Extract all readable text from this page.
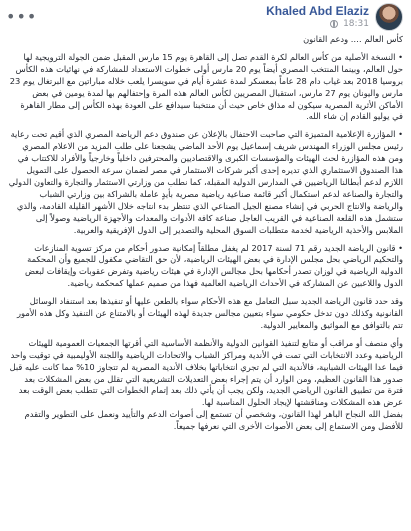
•••	Khaled Abd Elaziz
18:31

كأس العالم …. ودعم القانون

• النسخة الأصلية من كأس العالم لكرة القدم تصل إلى القاهرة يوم 15 مارس المقبل ضمن الجولة الترويجية لها حول العالم، وبينما المنتخب المصري أيضاً يوم 20 مارس أولى خطوات الاستعداد للمشاركة في نهائيات هذه الكأس بروسيا 2018 بعد غياب دام 28 عاماً بمعسكر لمدة عشرة أيام في سويسرا يلعب خلاله مباراتين مع البرتغال يوم 23 مارس واليونان يوم 27 مارس، استقبال المصريين لكأس العالم هذه المرة وإحتفالهم بها لمدة يومين في بعض الأماكن الأثرية المصرية سيكون له مذاق خاص حيث أن منتخبنا سيدافع على العودة بهذه الكأس إلى مطار القاهرة في يوليو القادم إن شاء الله.

• المؤازرة الإعلامية المتميزة التي صاحبت الاحتفال بالإعلان عن صندوق دعم الرياضة المصري الذي أقيم تحت رعاية رئيس مجلس الوزراء المهندس شريف إسماعيل يوم الأحد الماضي يشجعنا على طلب المزيد من الاعلام المصري ومن هذه المؤازرة لحث الهيئات والمؤسسات الكبرى والاقتصاديين والمحترفين داخلياً وخارجياً والأفراد للاكتتاب في هذا الصندوق الاستثماري الذي تديره إحدى أكبر شركات الاستثمار في مصر لضمان سرعة الحصول على التمويل اللازم لدعم أبطالنا الرياضيين في المدارس الدولية المقبلة، كما نطلب من وزارتي الاستثمار والتجارة والتعاون الدولي والتجارة والصناعة لدعم استكمال أكبر قائمة صناعية رياضية مصرية بأيدٍ عاملة بالشراكة بين وزارتي الشباب والرياضة والانتاج الحربي في إنشاء مصنع الجيل الصناعي الذي تنتظر بدء انتاجه خلال الأشهر القليلة القادمة، والذي ستشمل هذه القلعة الصناعية في القريب العاجل صناعة كافة الأدوات والمعدات والأجهزة الرياضية وصولاً إلى الملابس والأحذية الرياضية لخدمة متطلبات السوق المحلية والتصدير إلى الدول الإفريقية والعربية.

• قانون الرياضة الجديد رقم 71 لسنة 2017 لم يغفل مطلقاً إمكانية صدور أحكام من مركز تسوية المنازعات والتحكيم الرياضي بحل مجلس الإدارة في بعض الهيئات الرياضية، لأن حق التقاضي مكفول للجميع وأن المحكمة الدولية الرياضية في لوزان تصدر أحكامها بحل مجالس الإدارة في هيئات رياضية وتفرض عقوبات وإيقافات لبعض الدول واللاعبين عن المشاركة في الأحداث الرياضية العالمية فهذا من صميم عملها كمحكمة رياضية.

وقد حدد قانون الرياضة الجديد سبل التعامل مع هذه الأحكام سواء بالطعن عليها أو تنفيذها بعد استنفاد الوسائل القانونية وكذلك دون تدخل حكومي سواء بتعيين مجالس جديدة لهذه الهيئات أو بالامتناع عن التنفيذ وكل هذه الأمور تتم بالتوافق مع المواثيق والمعايير الدولية.

وأي منصف أو مراقب أو متابع لتنفيذ القوانين الدولية والأنظمة الأساسية التي أقرتها الجمعيات العمومية للهيئات الرياضية وعدد الانتخابات التي تمت في الأندية ومراكز الشباب والاتحادات الرياضية واللجنة الأوليمبية في توقيت واحد فيما عدا الهيئات الشبابية، فالأندية التي لم تجري انتخاباتها بخلاف الأندية المصرية لم تتجاوز 10% مما كانت عليه قبل صدور هذا القانون العظيم، ومن الوارد أن يتم إجراء بعض التعديلات التشريعية التي تقلل من بعض المشكلات بعد فترة من تطبيق القانون الرياضي الجديد، ولكن يجب أن يأتي ذلك بعد إتمام الخطوات التي تتطلب بعض الوقت بعد عرض هذه المشكلات ومناقشتها لإيجاد الحلول المناسبة لها.

بفضل الله النجاح الباهر لهذا القانون، وشخصي أن تستمع إلى أصوات الدعم والتأييد ونعمل على التطوير والتقدم للأفضل ومن الاستماع إلى بعض الأصوات الأخرى التي نعرفها جميعاً.
